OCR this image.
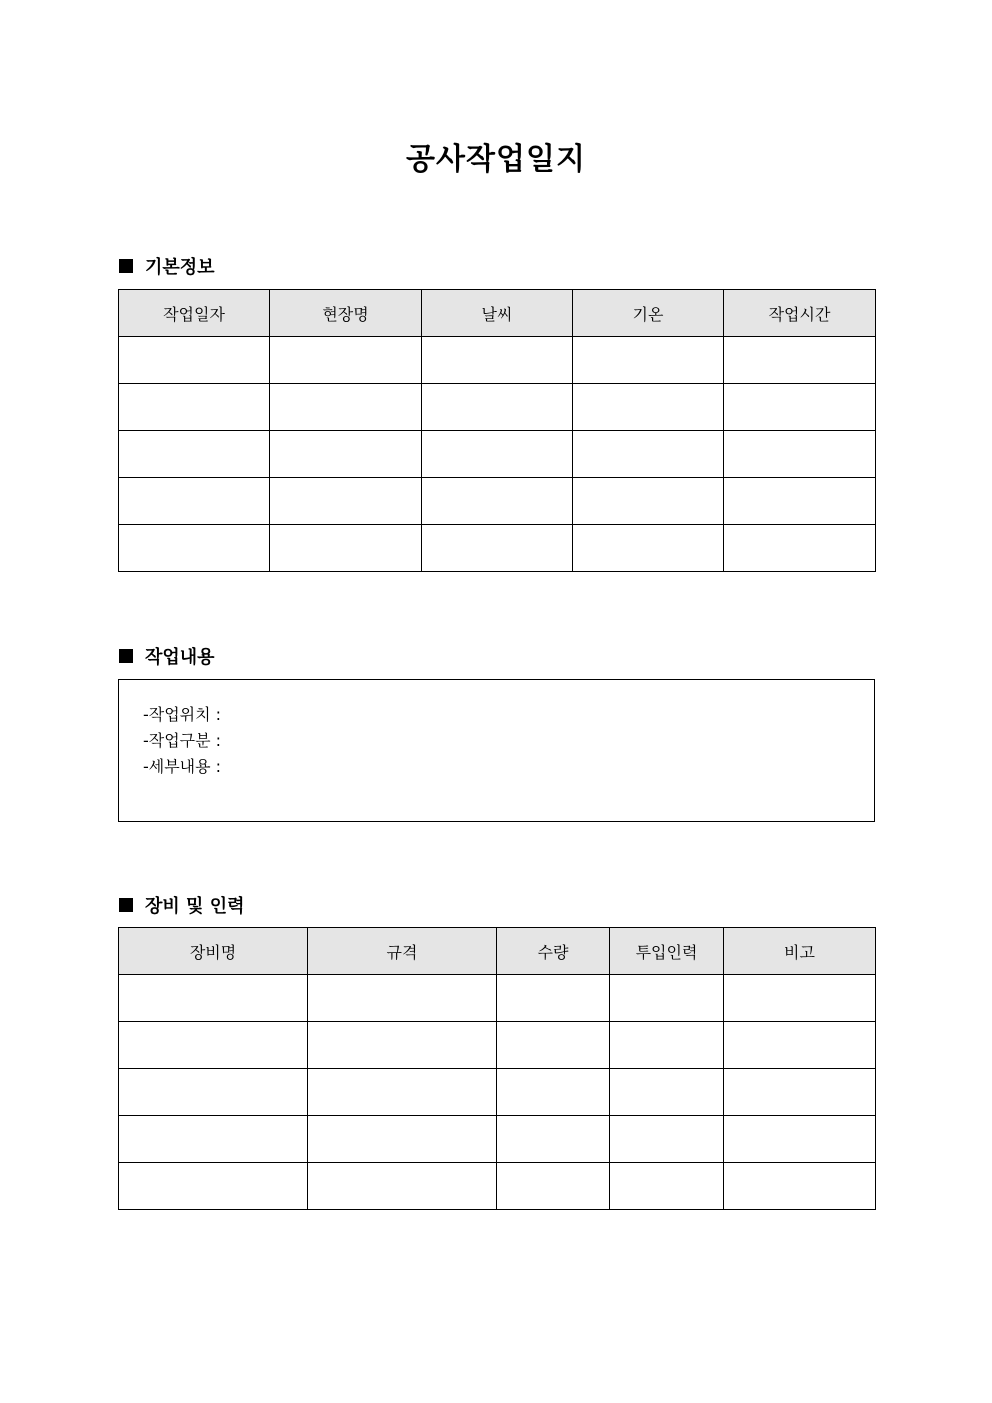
공사작업일지
기본정보
작업일자	현장명	날씨	기온	작업시간

작업내용
-작업위치 :
-작업구분 :
-세부내용 :
장비 및 인력
장비명	규격	수량	투입인력	비고
